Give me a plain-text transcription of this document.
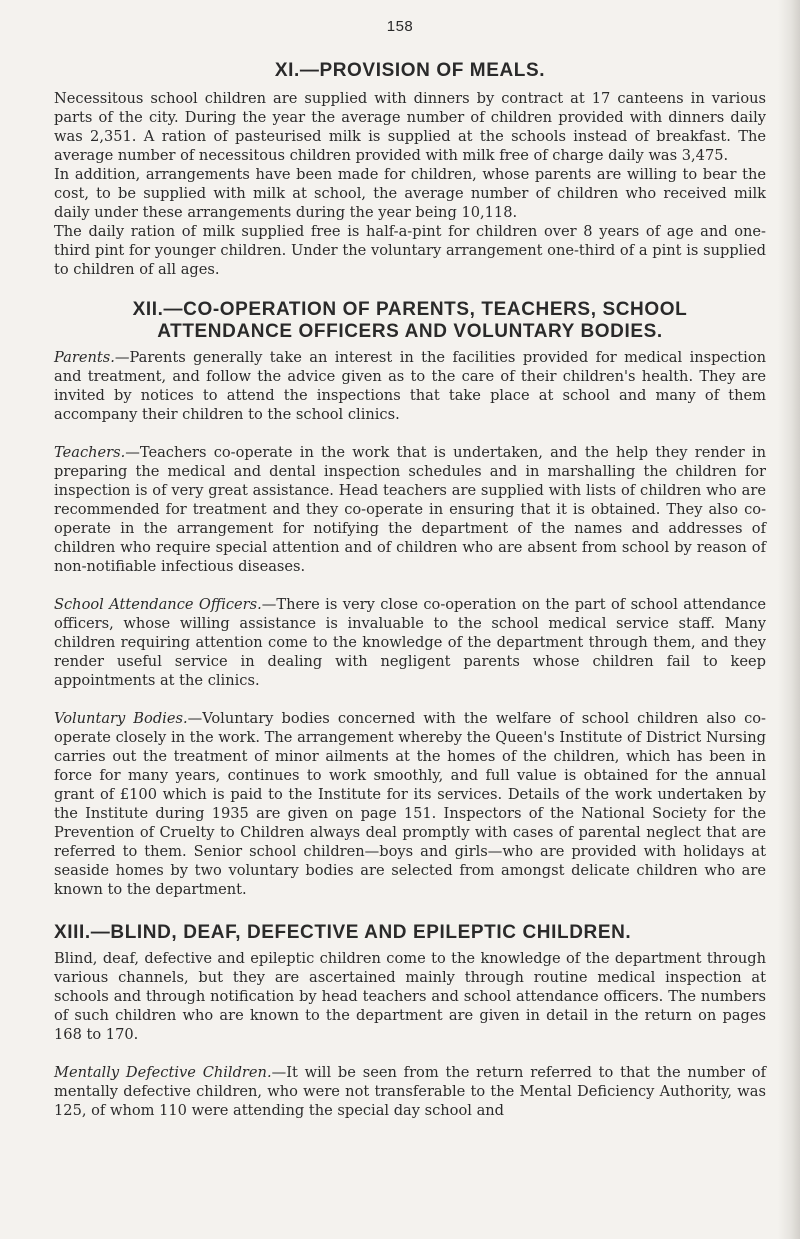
158
XI.—PROVISION OF MEALS.

Necessitous school children are supplied with dinners by contract at 17 canteens in various parts of the city. During the year the average number of children provided with dinners daily was 2,351. A ration of pasteurised milk is supplied at the schools instead of breakfast. The average number of necessitous children provided with milk free of charge daily was 3,475.

In addition, arrangements have been made for children, whose parents are willing to bear the cost, to be supplied with milk at school, the average number of children who received milk daily under these arrangements during the year being 10,118.

The daily ration of milk supplied free is half-a-pint for children over 8 years of age and one-third pint for younger children. Under the voluntary arrangement one-third of a pint is supplied to children of all ages.

XII.—CO-OPERATION OF PARENTS, TEACHERS, SCHOOL
ATTENDANCE OFFICERS AND VOLUNTARY BODIES.

Parents.—Parents generally take an interest in the facilities provided for medical inspection and treatment, and follow the advice given as to the care of their children's health. They are invited by notices to attend the inspections that take place at school and many of them accompany their children to the school clinics.

Teachers.—Teachers co-operate in the work that is undertaken, and the help they render in preparing the medical and dental inspection schedules and in marshalling the children for inspection is of very great assistance. Head teachers are supplied with lists of children who are recommended for treatment and they co-operate in ensuring that it is obtained. They also co-operate in the arrangement for notifying the department of the names and addresses of children who require special attention and of children who are absent from school by reason of non-notifiable infectious diseases.

School Attendance Officers.—There is very close co-operation on the part of school attendance officers, whose willing assistance is invaluable to the school medical service staff. Many children requiring attention come to the knowledge of the department through them, and they render useful service in dealing with negligent parents whose children fail to keep appointments at the clinics.

Voluntary Bodies.—Voluntary bodies concerned with the welfare of school children also co-operate closely in the work. The arrangement whereby the Queen's Institute of District Nursing carries out the treatment of minor ailments at the homes of the children, which has been in force for many years, continues to work smoothly, and full value is obtained for the annual grant of £100 which is paid to the Institute for its services. Details of the work undertaken by the Institute during 1935 are given on page 151. Inspectors of the National Society for the Prevention of Cruelty to Children always deal promptly with cases of parental neglect that are referred to them. Senior school children—boys and girls—who are provided with holidays at seaside homes by two voluntary bodies are selected from amongst delicate children who are known to the department.

XIII.—BLIND, DEAF, DEFECTIVE AND EPILEPTIC CHILDREN.

Blind, deaf, defective and epileptic children come to the knowledge of the department through various channels, but they are ascertained mainly through routine medical inspection at schools and through notification by head teachers and school attendance officers. The numbers of such children who are known to the department are given in detail in the return on pages 168 to 170.

Mentally Defective Children.—It will be seen from the return referred to that the number of mentally defective children, who were not transferable to the Mental Deficiency Authority, was 125, of whom 110 were attending the special day school and
